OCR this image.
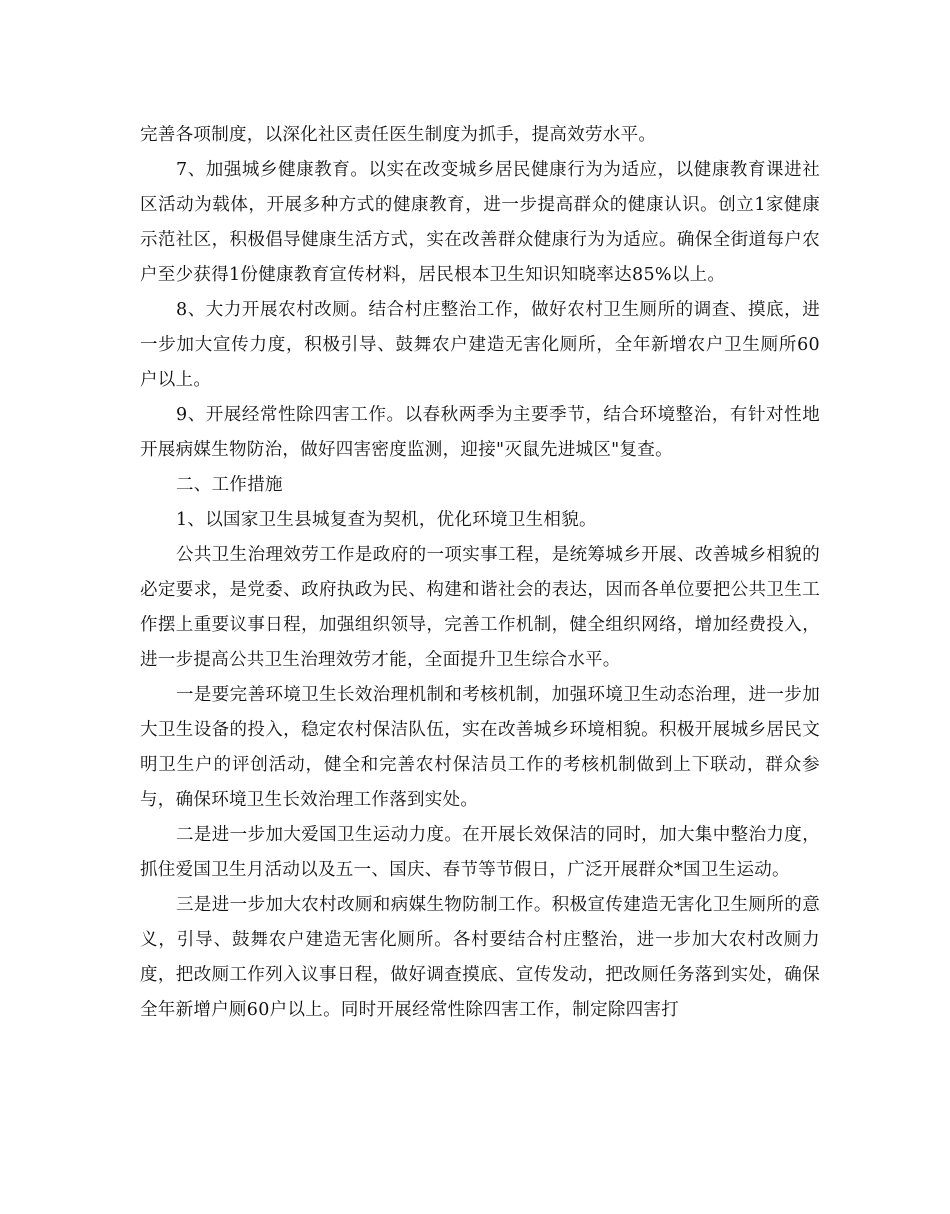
完善各项制度，以深化社区责任医生制度为抓手，提高效劳水平。

7、加强城乡健康教育。以实在改变城乡居民健康行为为适应，以健康教育课进社区活动为载体，开展多种方式的健康教育，进一步提高群众的健康认识。创立1家健康示范社区，积极倡导健康生活方式，实在改善群众健康行为为适应。确保全街道每户农户至少获得1份健康教育宣传材料，居民根本卫生知识知晓率达85%以上。

8、大力开展农村改厕。结合村庄整治工作，做好农村卫生厕所的调查、摸底，进一步加大宣传力度，积极引导、鼓舞农户建造无害化厕所，全年新增农户卫生厕所60户以上。

9、开展经常性除四害工作。以春秋两季为主要季节，结合环境整治，有针对性地开展病媒生物防治，做好四害密度监测，迎接"灭鼠先进城区"复查。

二、工作措施

1、以国家卫生县城复查为契机，优化环境卫生相貌。

公共卫生治理效劳工作是政府的一项实事工程，是统筹城乡开展、改善城乡相貌的必定要求，是党委、政府执政为民、构建和谐社会的表达，因而各单位要把公共卫生工作摆上重要议事日程，加强组织领导，完善工作机制，健全组织网络，增加经费投入，进一步提高公共卫生治理效劳才能，全面提升卫生综合水平。

一是要完善环境卫生长效治理机制和考核机制，加强环境卫生动态治理，进一步加大卫生设备的投入，稳定农村保洁队伍，实在改善城乡环境相貌。积极开展城乡居民文明卫生户的评创活动，健全和完善农村保洁员工作的考核机制做到上下联动，群众参与，确保环境卫生长效治理工作落到实处。

二是进一步加大爱国卫生运动力度。在开展长效保洁的同时，加大集中整治力度，抓住爱国卫生月活动以及五一、国庆、春节等节假日，广泛开展群众*国卫生运动。

三是进一步加大农村改厕和病媒生物防制工作。积极宣传建造无害化卫生厕所的意义，引导、鼓舞农户建造无害化厕所。各村要结合村庄整治，进一步加大农村改厕力度，把改厕工作列入议事日程，做好调查摸底、宣传发动，把改厕任务落到实处，确保全年新增户厕60户以上。同时开展经常性除四害工作，制定除四害打
